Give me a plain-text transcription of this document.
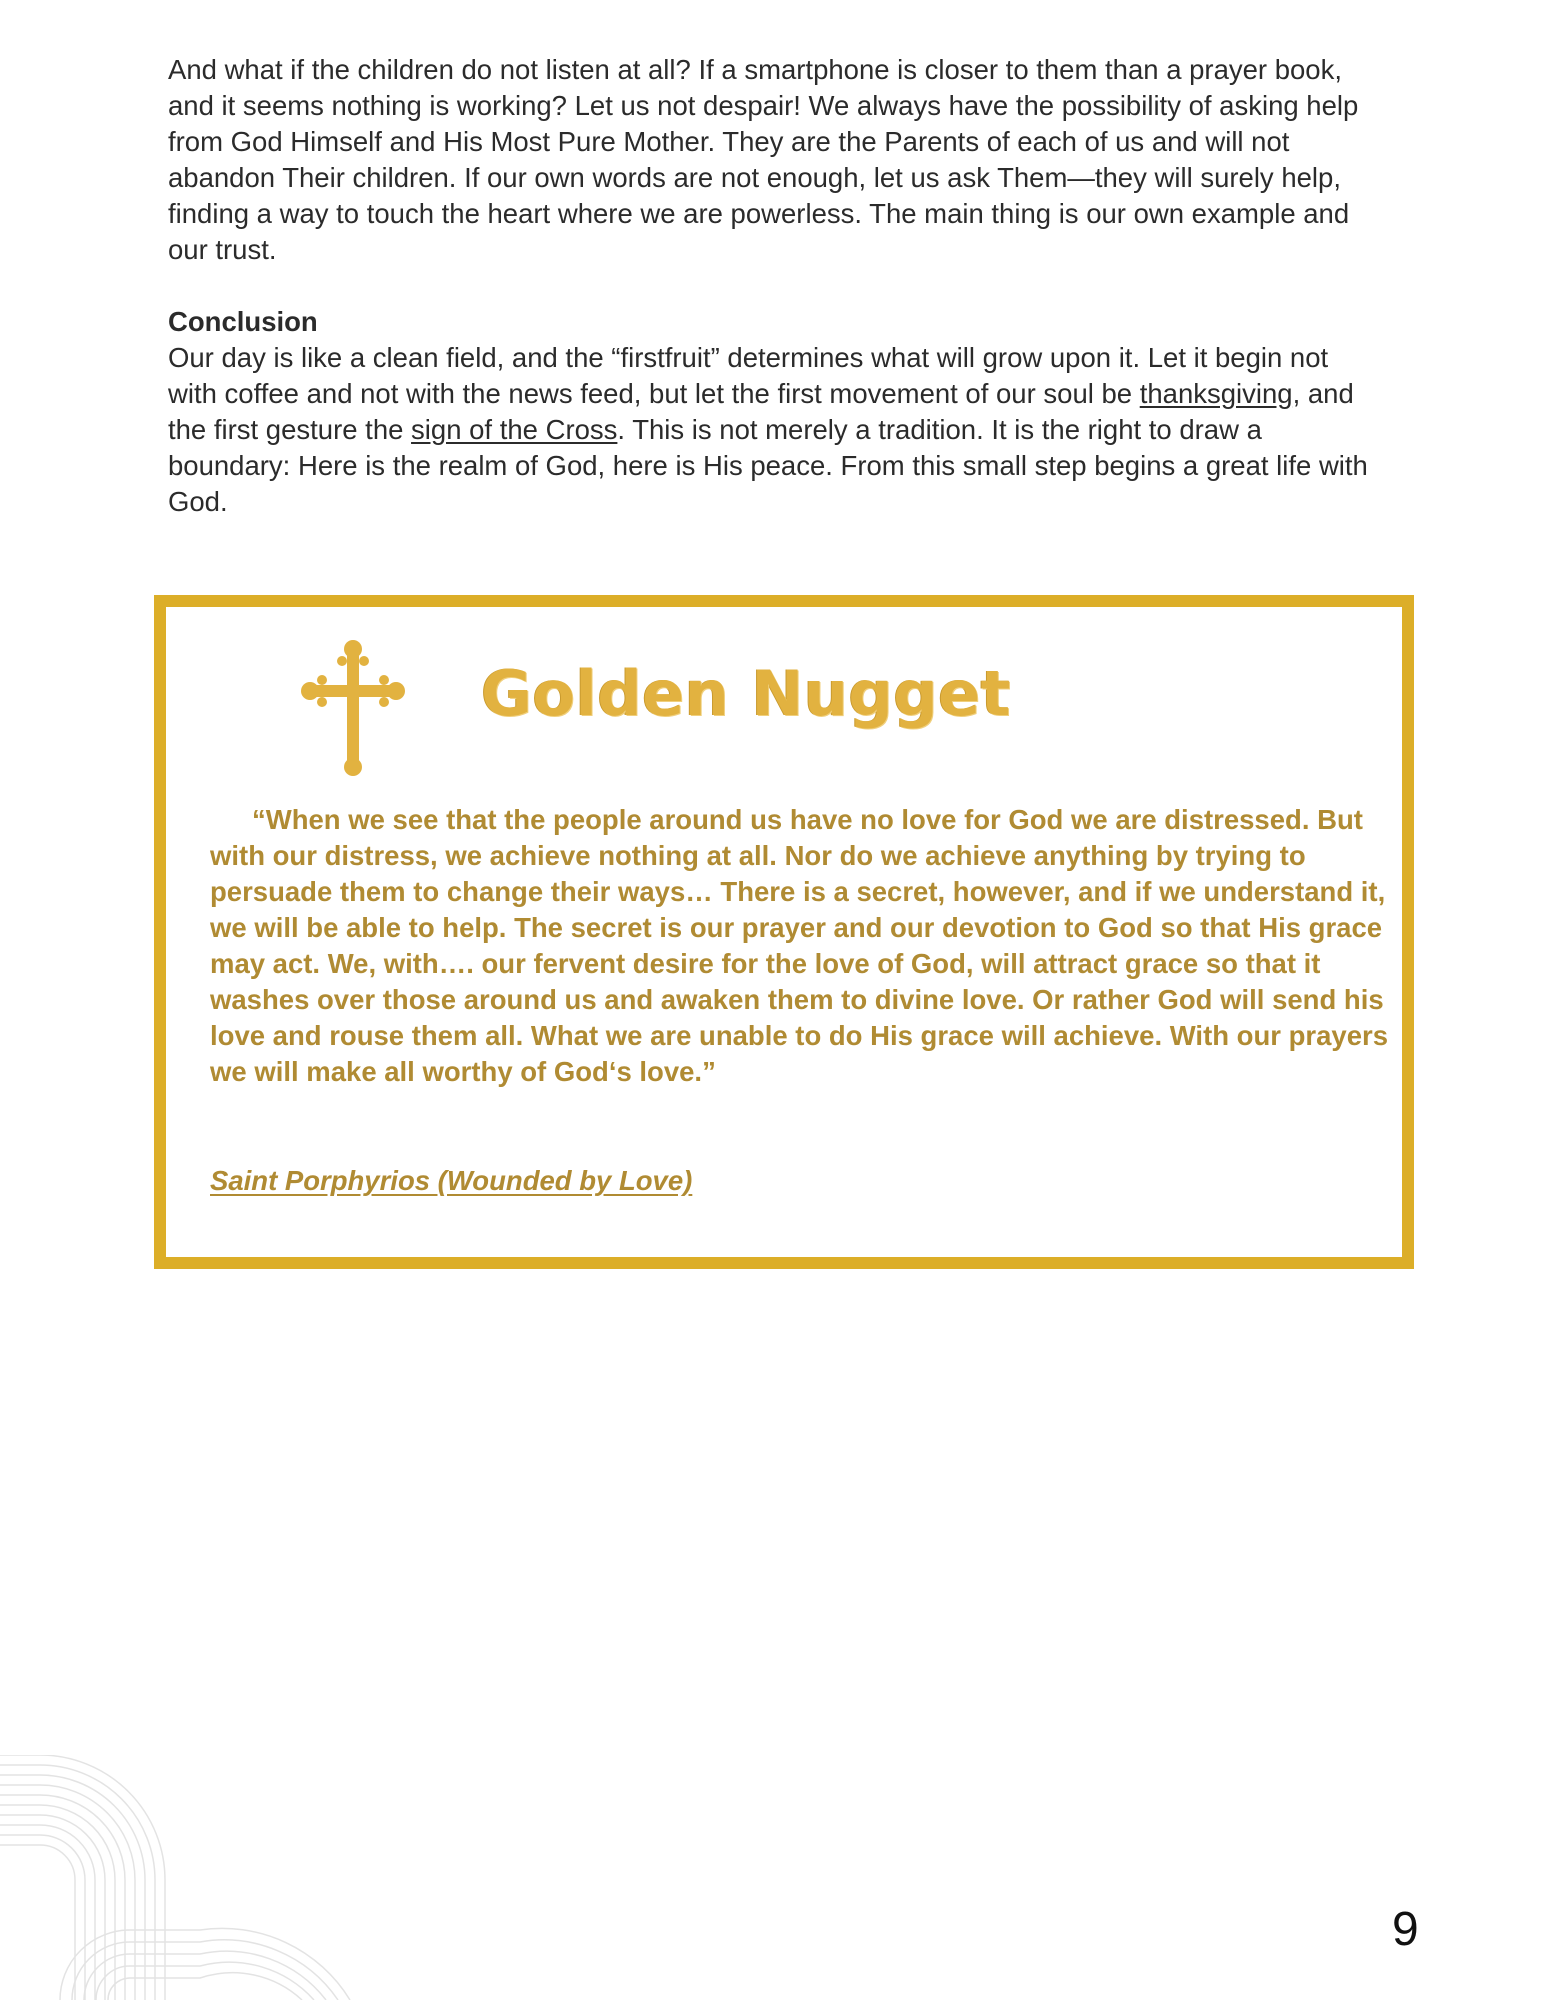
And what if the children do not listen at all? If a smartphone is closer to them than a prayer book, and it seems nothing is working? Let us not despair! We always have the possibility of asking help from God Himself and His Most Pure Mother. They are the Parents of each of us and will not abandon Their children. If our own words are not enough, let us ask Them—they will surely help, finding a way to touch the heart where we are powerless. The main thing is our own example and our trust.

Conclusion

Our day is like a clean field, and the “firstfruit” determines what will grow upon it. Let it begin not with coffee and not with the news feed, but let the first movement of our soul be thanksgiving, and the first gesture the sign of the Cross. This is not merely a tradition. It is the right to draw a boundary: Here is the realm of God, here is His peace. From this small step begins a great life with God.

Golden Nugget

“When we see that the people around us have no love for God we are distressed. But with our distress, we achieve nothing at all. Nor do we achieve anything by trying to persuade them to change their ways… There is a secret, however, and if we understand it, we will be able to help. The secret is our prayer and our devotion to God so that His grace may act. We, with…. our fervent desire for the love of God, will attract grace so that it washes over those around us and awaken them to divine love. Or rather God will send his love and rouse them all. What we are unable to do His grace will achieve. With our prayers we will make all worthy of God‘s love.”

Saint Porphyrios (Wounded by Love)

9
